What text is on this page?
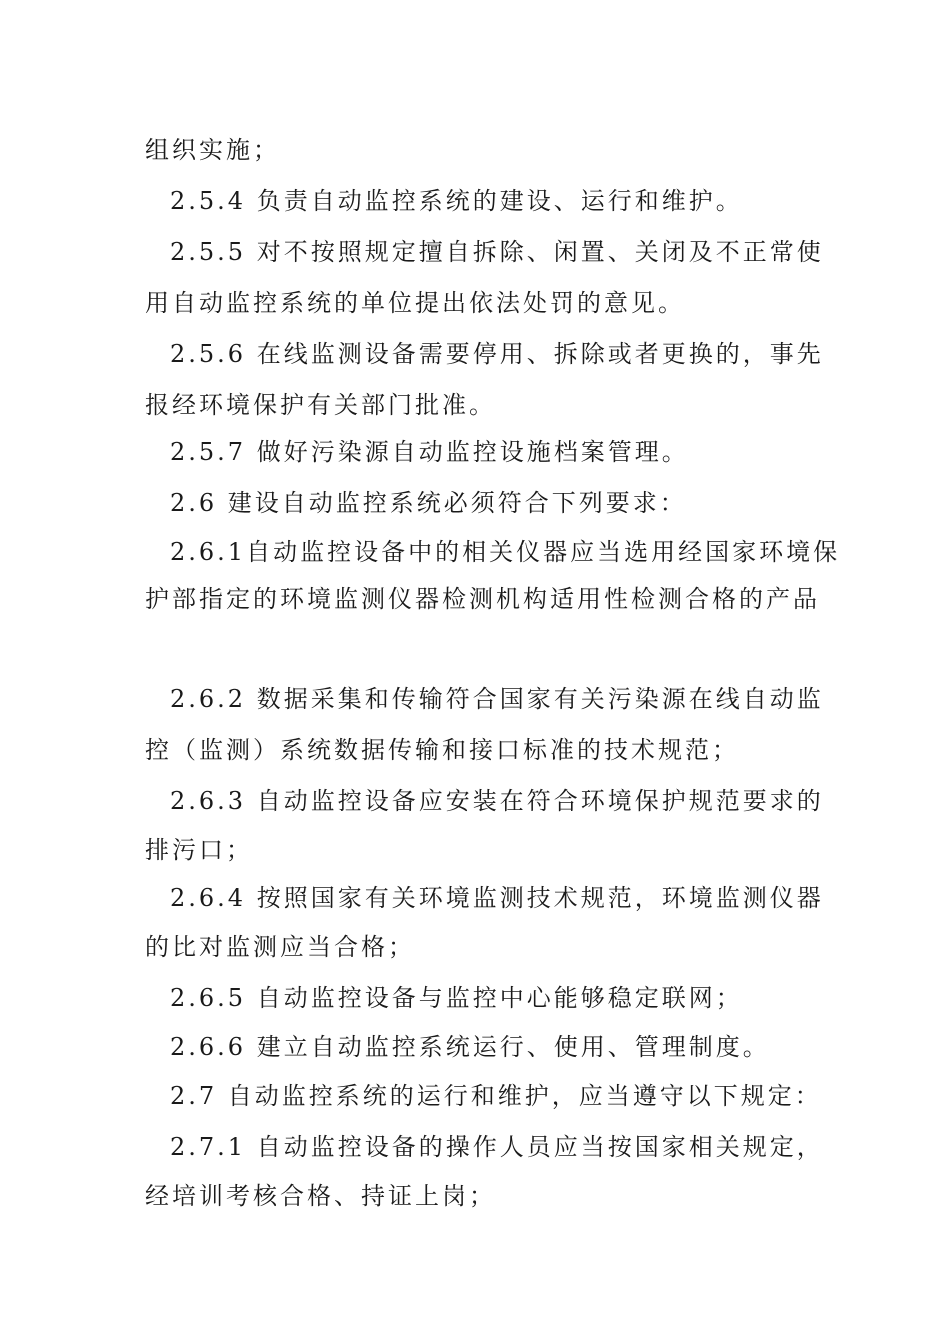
组织实施；
2.5.4 负责自动监控系统的建设、运行和维护。
2.5.5 对不按照规定擅自拆除、闲置、关闭及不正常使
用自动监控系统的单位提出依法处罚的意见。
2.5.6 在线监测设备需要停用、拆除或者更换的，事先
报经环境保护有关部门批准。
2.5.7 做好污染源自动监控设施档案管理。
2.6 建设自动监控系统必须符合下列要求：
2.6.1自动监控设备中的相关仪器应当选用经国家环境保
护部指定的环境监测仪器检测机构适用性检测合格的产品
2.6.2 数据采集和传输符合国家有关污染源在线自动监
控（监测）系统数据传输和接口标准的技术规范；
2.6.3 自动监控设备应安装在符合环境保护规范要求的
排污口；
2.6.4 按照国家有关环境监测技术规范，环境监测仪器
的比对监测应当合格；
2.6.5 自动监控设备与监控中心能够稳定联网；
2.6.6 建立自动监控系统运行、使用、管理制度。
2.7 自动监控系统的运行和维护，应当遵守以下规定：
2.7.1 自动监控设备的操作人员应当按国家相关规定，
经培训考核合格、持证上岗；
